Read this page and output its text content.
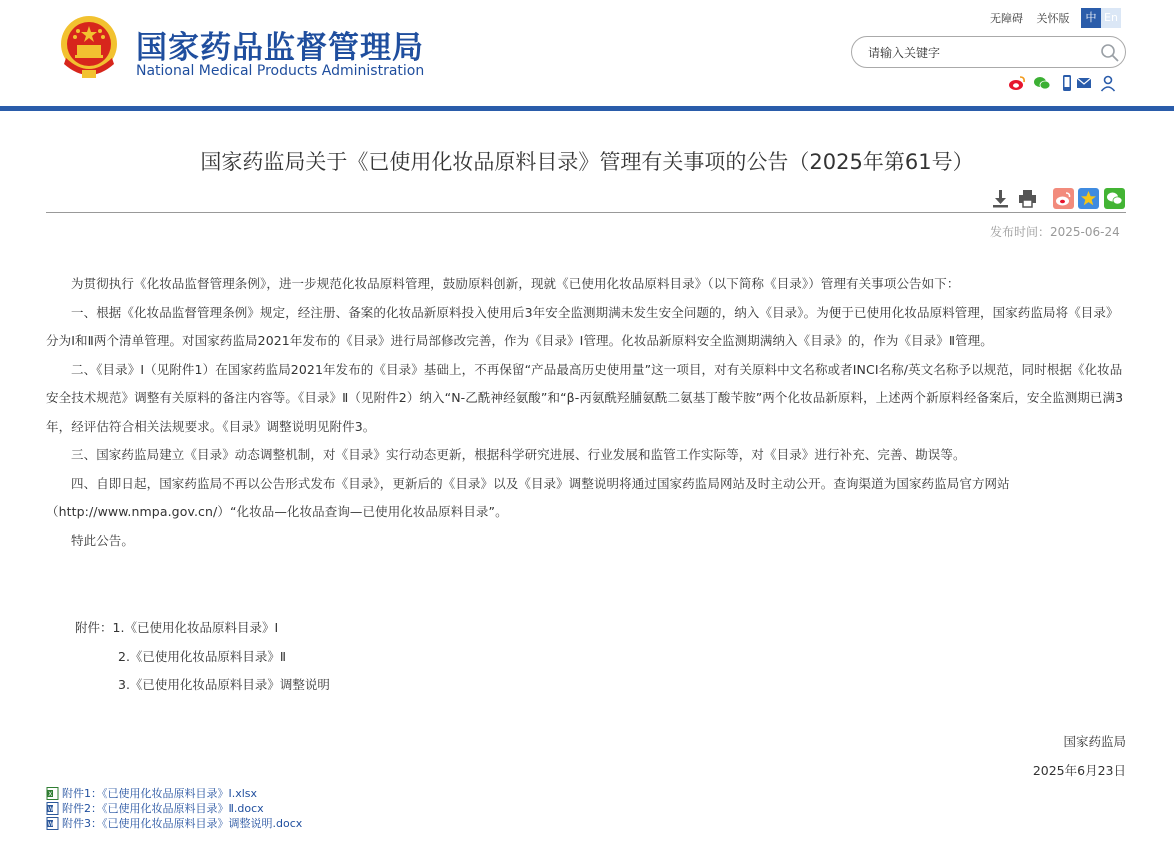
国家药品监督管理局
National Medical Products Administration
无障碍 关怀版	中 En
请输入关键字
国家药监局关于《已使用化妆品原料目录》管理有关事项的公告（2025年第61号）
发布时间：2025-06-24

为贯彻执行《化妆品监督管理条例》，进一步规范化妆品原料管理，鼓励原料创新，现就《已使用化妆品原料目录》（以下简称《目录》）管理有关事项公告如下：

一、根据《化妆品监督管理条例》规定，经注册、备案的化妆品新原料投入使用后3年安全监测期满未发生安全问题的，纳入《目录》。为便于已使用化妆品原料管理，国家药监局将《目录》分为Ⅰ和Ⅱ两个清单管理。对国家药监局2021年发布的《目录》进行局部修改完善，作为《目录》Ⅰ管理。化妆品新原料安全监测期满纳入《目录》的，作为《目录》Ⅱ管理。

二、《目录》Ⅰ（见附件1）在国家药监局2021年发布的《目录》基础上，不再保留“产品最高历史使用量”这一项目，对有关原料中文名称或者INCI名称/英文名称予以规范，同时根据《化妆品安全技术规范》调整有关原料的备注内容等。《目录》Ⅱ（见附件2）纳入“N-乙酰神经氨酸”和“β-丙氨酰羟脯氨酰二氨基丁酸苄胺”两个化妆品新原料，上述两个新原料经备案后，安全监测期已满3年，经评估符合相关法规要求。《目录》调整说明见附件3。

三、国家药监局建立《目录》动态调整机制，对《目录》实行动态更新，根据科学研究进展、行业发展和监管工作实际等，对《目录》进行补充、完善、勘误等。

四、自即日起，国家药监局不再以公告形式发布《目录》，更新后的《目录》以及《目录》调整说明将通过国家药监局网站及时主动公开。查询渠道为国家药监局官方网站（http://www.nmpa.gov.cn/）“化妆品—化妆品查询—已使用化妆品原料目录”。

特此公告。

附件：1.《已使用化妆品原料目录》Ⅰ
2.《已使用化妆品原料目录》Ⅱ
3.《已使用化妆品原料目录》调整说明
国家药监局
2025年6月23日
X 附件1：《已使用化妆品原料目录》Ⅰ.xlsx
W 附件2：《已使用化妆品原料目录》Ⅱ.docx
W 附件3：《已使用化妆品原料目录》调整说明.docx
